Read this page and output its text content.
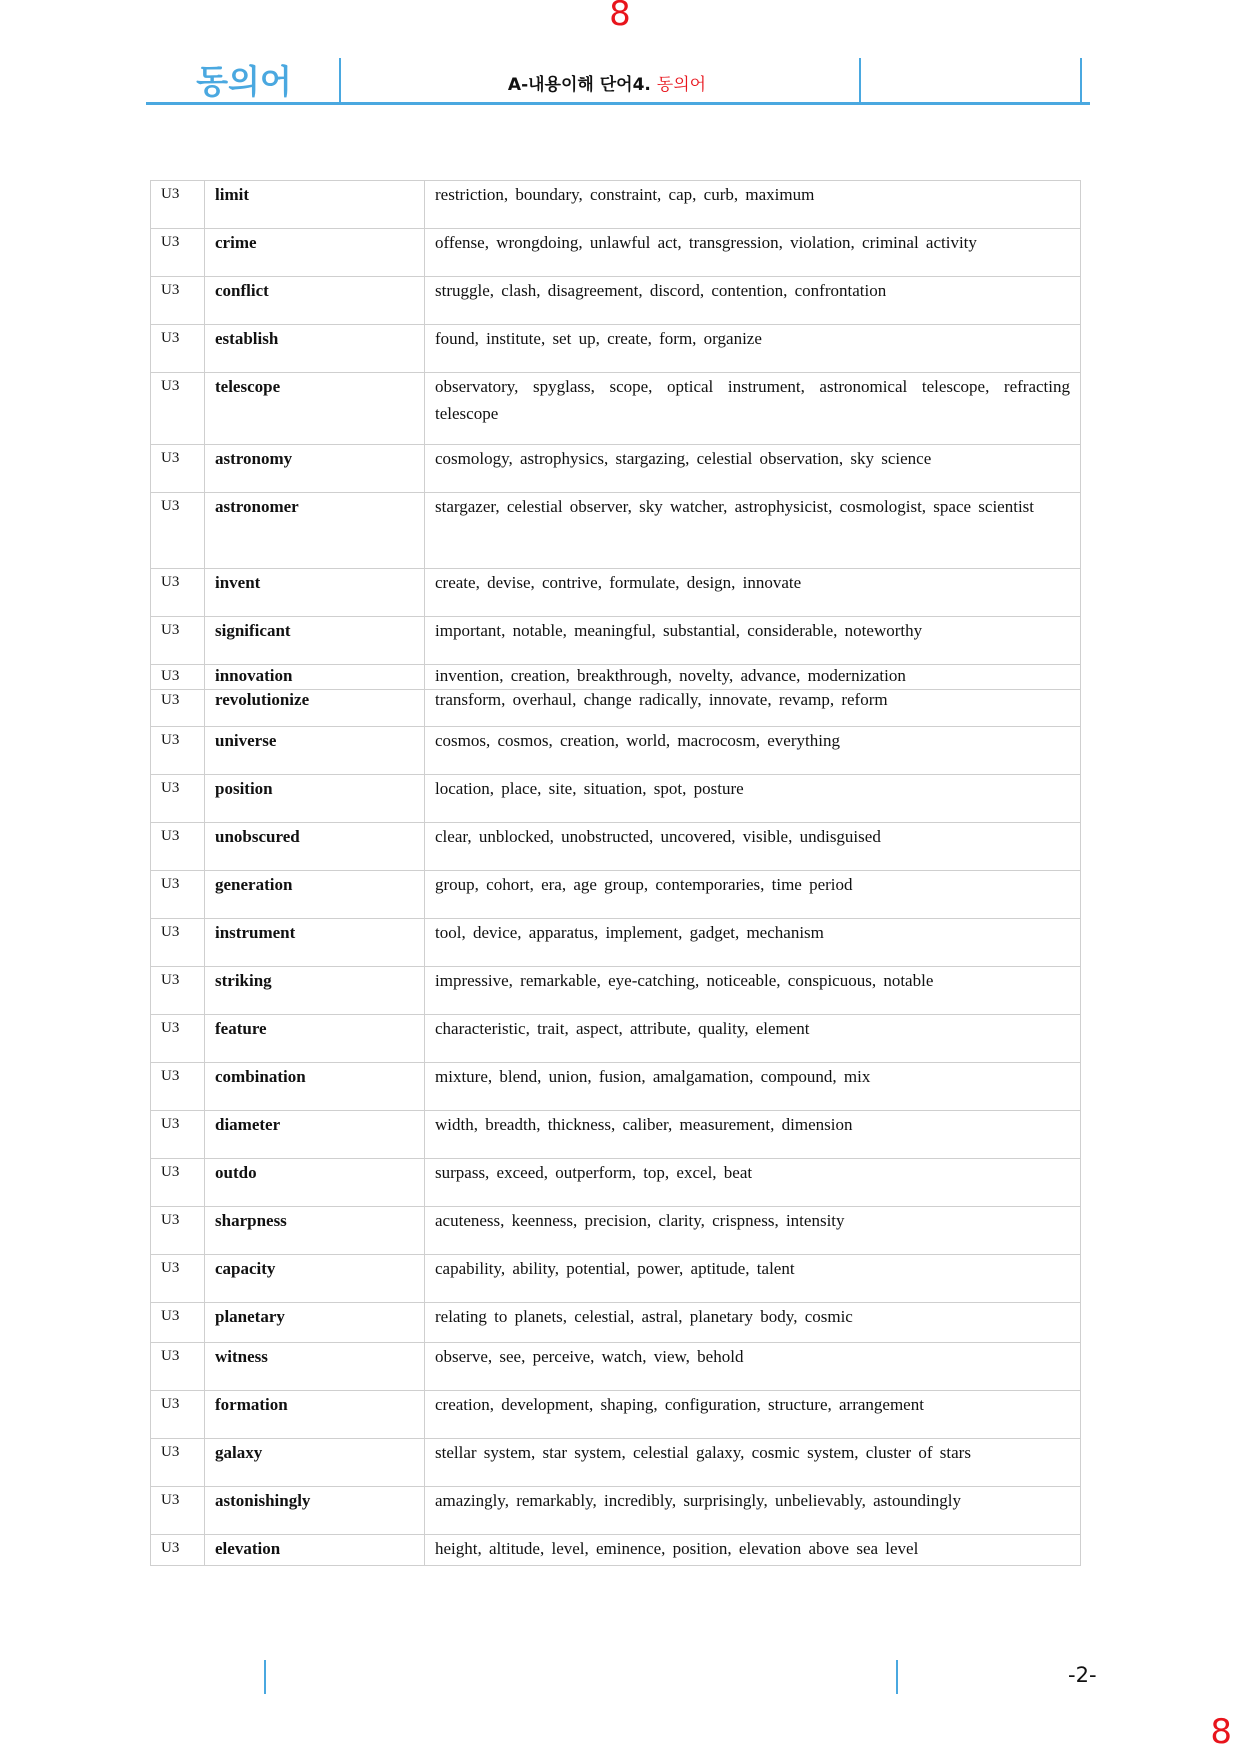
8
동의어	A-내용이해 단어4. 동의어
U3	limit	restriction, boundary, constraint, cap, curb, maximum
U3	crime	offense, wrongdoing, unlawful act, transgression, violation, criminal activity
U3	conflict	struggle, clash, disagreement, discord, contention, confrontation
U3	establish	found, institute, set up, create, form, organize
U3	telescope	observatory, spyglass, scope, optical instrument, astronomical telescope, refracting telescope
U3	astronomy	cosmology, astrophysics, stargazing, celestial observation, sky science
U3	astronomer	stargazer, celestial observer, sky watcher, astrophysicist, cosmologist, space scientist
U3	invent	create, devise, contrive, formulate, design, innovate
U3	significant	important, notable, meaningful, substantial, considerable, noteworthy
U3	innovation	invention, creation, breakthrough, novelty, advance, modernization
U3	revolutionize	transform, overhaul, change radically, innovate, revamp, reform
U3	universe	cosmos, cosmos, creation, world, macrocosm, everything
U3	position	location, place, site, situation, spot, posture
U3	unobscured	clear, unblocked, unobstructed, uncovered, visible, undisguised
U3	generation	group, cohort, era, age group, contemporaries, time period
U3	instrument	tool, device, apparatus, implement, gadget, mechanism
U3	striking	impressive, remarkable, eye-catching, noticeable, conspicuous, notable
U3	feature	characteristic, trait, aspect, attribute, quality, element
U3	combination	mixture, blend, union, fusion, amalgamation, compound, mix
U3	diameter	width, breadth, thickness, caliber, measurement, dimension
U3	outdo	surpass, exceed, outperform, top, excel, beat
U3	sharpness	acuteness, keenness, precision, clarity, crispness, intensity
U3	capacity	capability, ability, potential, power, aptitude, talent
U3	planetary	relating to planets, celestial, astral, planetary body, cosmic
U3	witness	observe, see, perceive, watch, view, behold
U3	formation	creation, development, shaping, configuration, structure, arrangement
U3	galaxy	stellar system, star system, celestial galaxy, cosmic system, cluster of stars
U3	astonishingly	amazingly, remarkably, incredibly, surprisingly, unbelievably, astoundingly
U3	elevation	height, altitude, level, eminence, position, elevation above sea level
-2-
8
